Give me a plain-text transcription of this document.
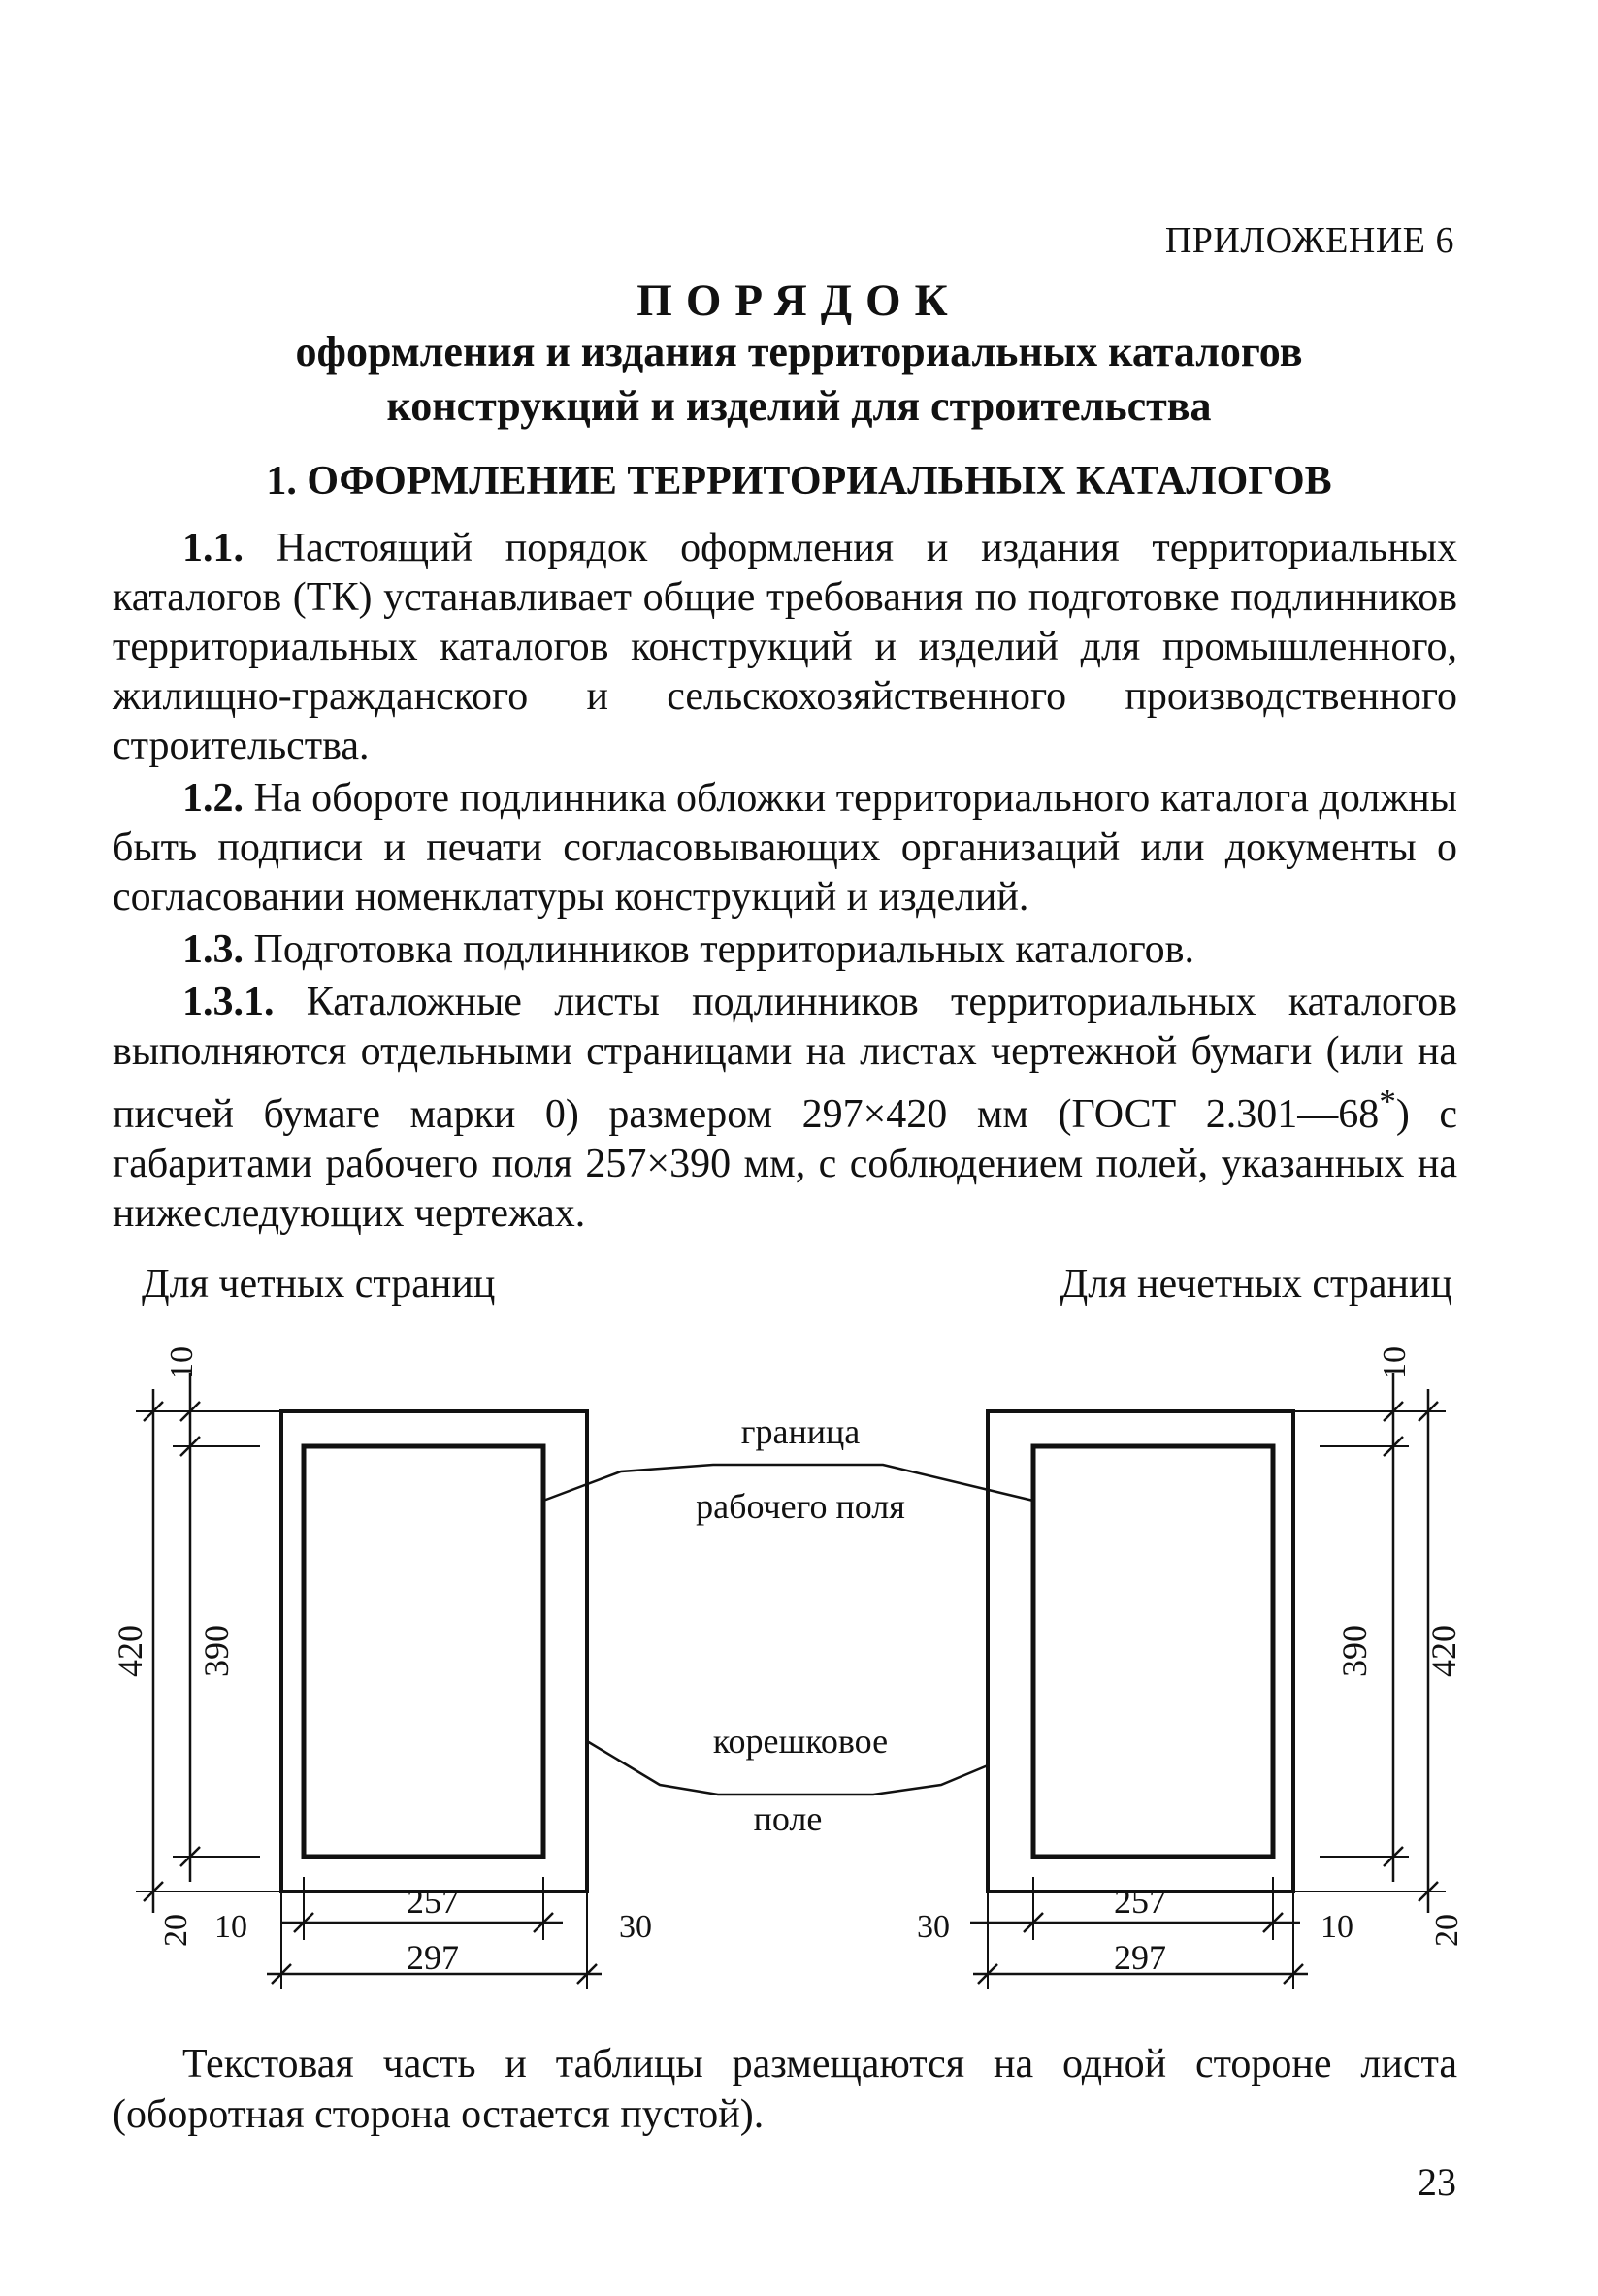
ПРИЛОЖЕНИЕ 6
ПОРЯДОК
оформления и издания территориальных каталогов
конструкций и изделий для строительства
1. ОФОРМЛЕНИЕ ТЕРРИТОРИАЛЬНЫХ КАТАЛОГОВ

1.1. Настоящий порядок оформления и издания территориальных каталогов (ТК) устанавливает общие требования по подготовке подлинников территориальных каталогов конструкций и изделий для промышленного, жилищно-гражданского и сельскохозяйственного производственного строительства.

1.2. На обороте подлинника обложки территориального каталога должны быть подписи и печати согласовывающих организаций или документы о согласовании номенклатуры конструкций и изделий.

1.3. Подготовка подлинников территориальных каталогов.

1.3.1. Каталожные листы подлинников территориальных каталогов выполняются отдельными страницами на листах чертежной бумаги (или на писчей бумаге марки 0) размером 297×420 мм (ГОСТ 2.301—68*) с габаритами рабочего поля 257×390 мм, с соблюдением полей, указанных на нижеследующих чертежах.

Для четных страниц	Для нечетных страниц
граница
рабочего поля
корешковое
поле
10
420 390
20 10	30
257
297
10
390 420
20
30	10
257
297

Текстовая часть и таблицы размещаются на одной стороне листа (оборотная сторона остается пустой).

23
